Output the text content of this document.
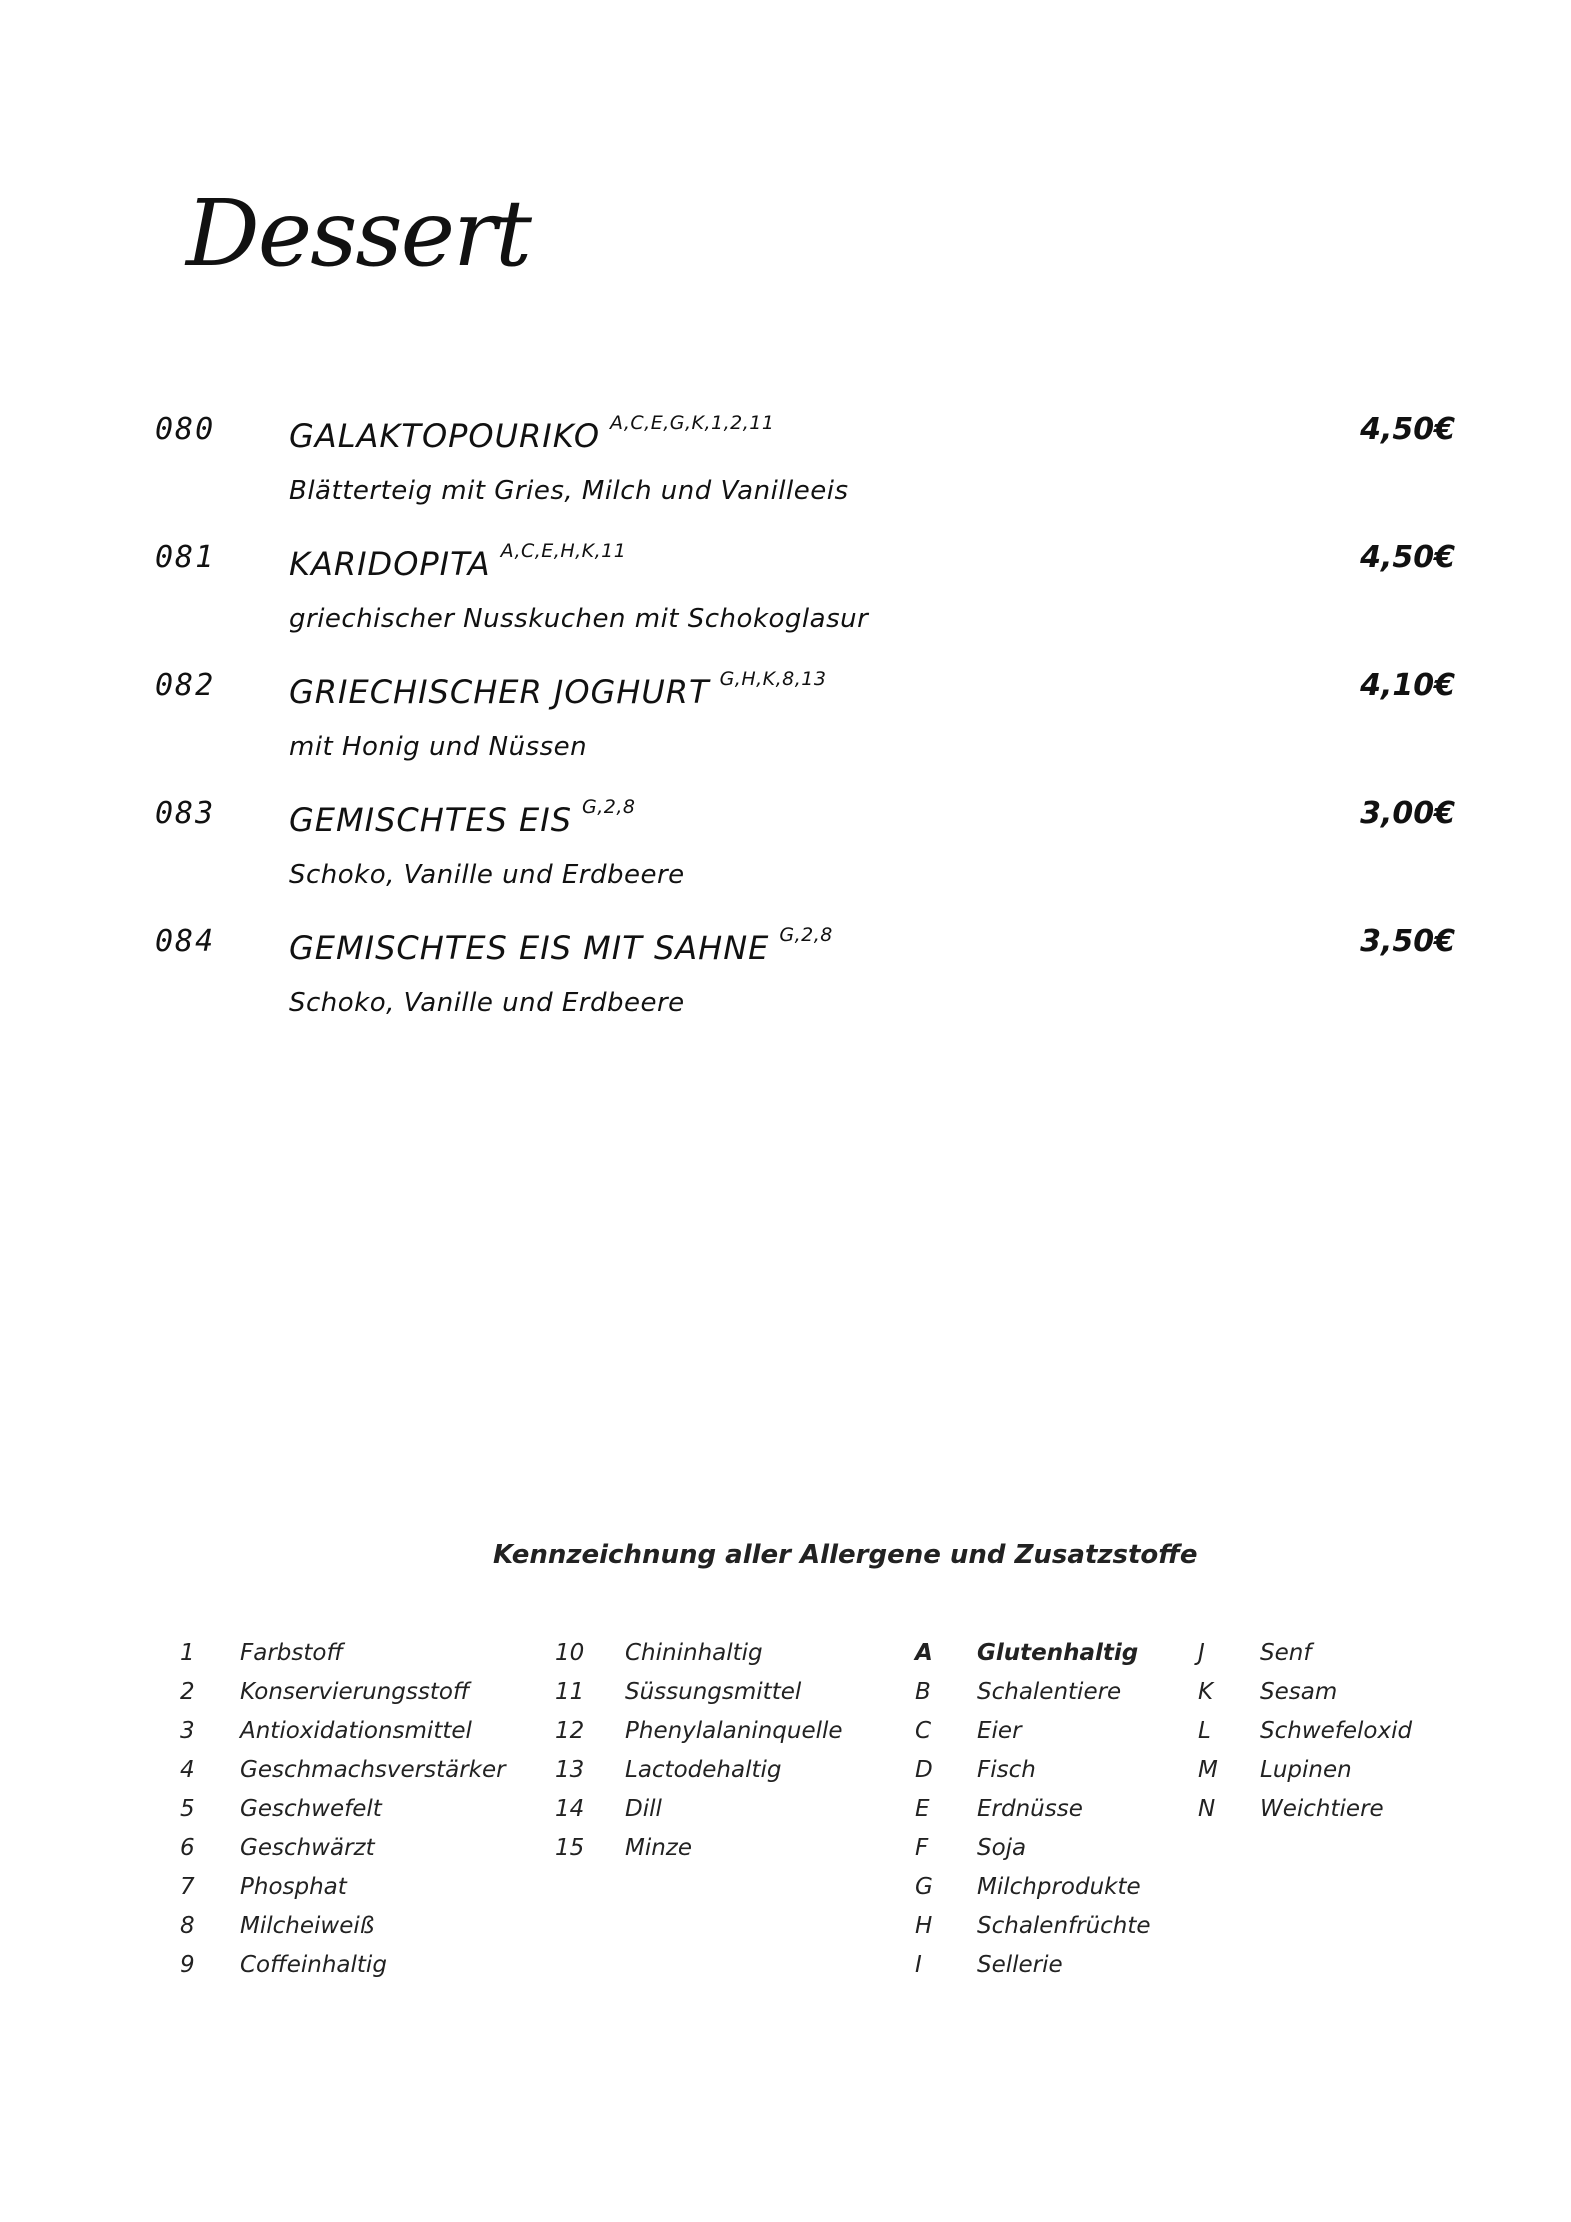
Dessert
080 GALAKTOPOURIKO $^{A,C,E,G,K,1,2,11}$	4,50€
Blätterteig mit Gries, Milch und Vanilleeis
081 KARIDOPITA $^{A,C,E,H,K,11}$	4,50€
griechischer Nusskuchen mit Schokoglasur
082 GRIECHISCHER JOGHURT $^{G,H,K,8,13}$	4,10€
mit Honig und Nüssen
083 GEMISCHTES EIS $^{G,2,8}$	3,00€
Schoko, Vanille und Erdbeere
084 GEMISCHTES EIS MIT SAHNE $^{G,2,8}$	3,50€
Schoko, Vanille und Erdbeere
Kennzeichnung aller Allergene und Zusatzstoffe
1 Farbstoff
2 Konservierungsstoff
3 Antioxidationsmittel
4 Geschmachsverstärker
5 Geschwefelt
6 Geschwärzt
7 Phosphat
8 Milcheiweiß
9 Coffeinhaltig
10 Chininhaltig
11 Süssungsmittel
12 Phenylalaninquelle
13 Lactodehaltig
14 Dill
15 Minze
A Glutenhaltig
B Schalentiere
C Eier
D Fisch
E Erdnüsse
F Soja
G Milchprodukte
H Schalenfrüchte
I Sellerie
J Senf
K Sesam
L Schwefeloxid
M Lupinen
N Weichtiere
